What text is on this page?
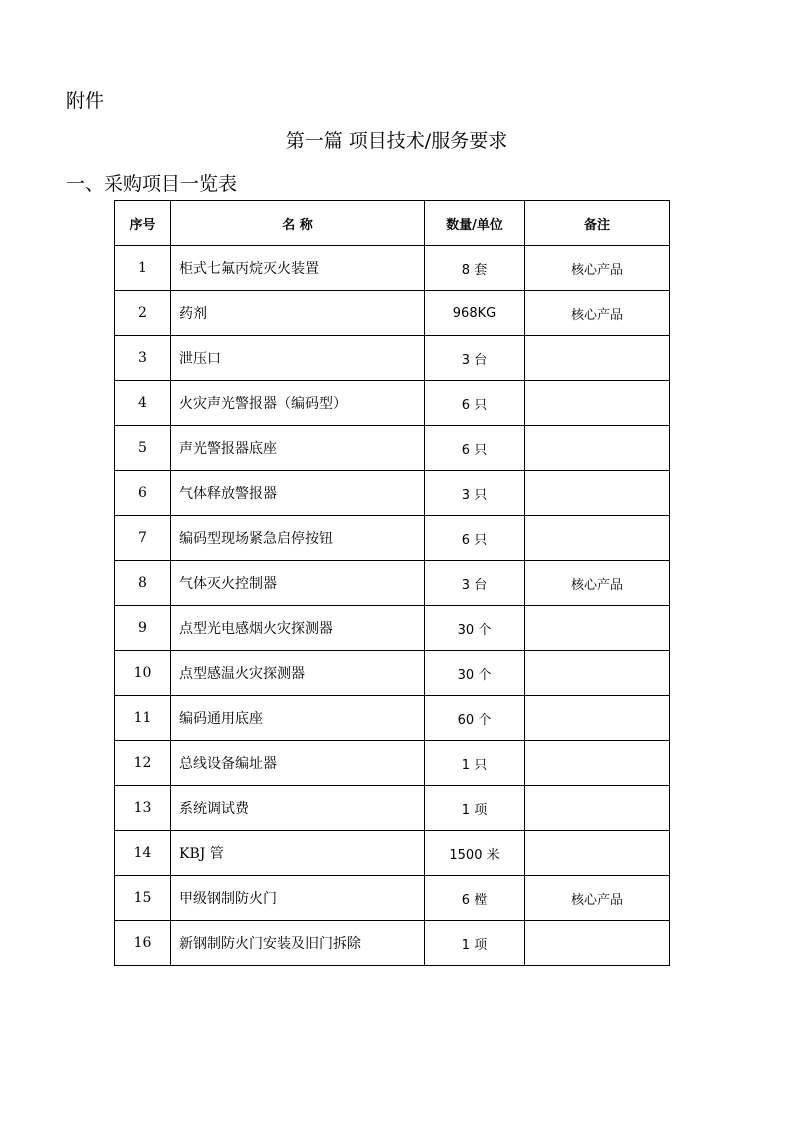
附件
第一篇 项目技术/服务要求
一、采购项目一览表
序号	名 称	数量/单位	备注
1	柜式七氟丙烷灭火装置	8 套	核心产品
2	药剂	968KG	核心产品
3	泄压口	3 台	
4	火灾声光警报器（编码型）	6 只	
5	声光警报器底座	6 只	
6	气体释放警报器	3 只	
7	编码型现场紧急启停按钮	6 只	
8	气体灭火控制器	3 台	核心产品
9	点型光电感烟火灾探测器	30 个	
10	点型感温火灾探测器	30 个	
11	编码通用底座	60 个	
12	总线设备编址器	1 只	
13	系统调试费	1 项	
14	KBJ 管	1500 米	
15	甲级钢制防火门	6 樘	核心产品
16	新钢制防火门安装及旧门拆除	1 项	
